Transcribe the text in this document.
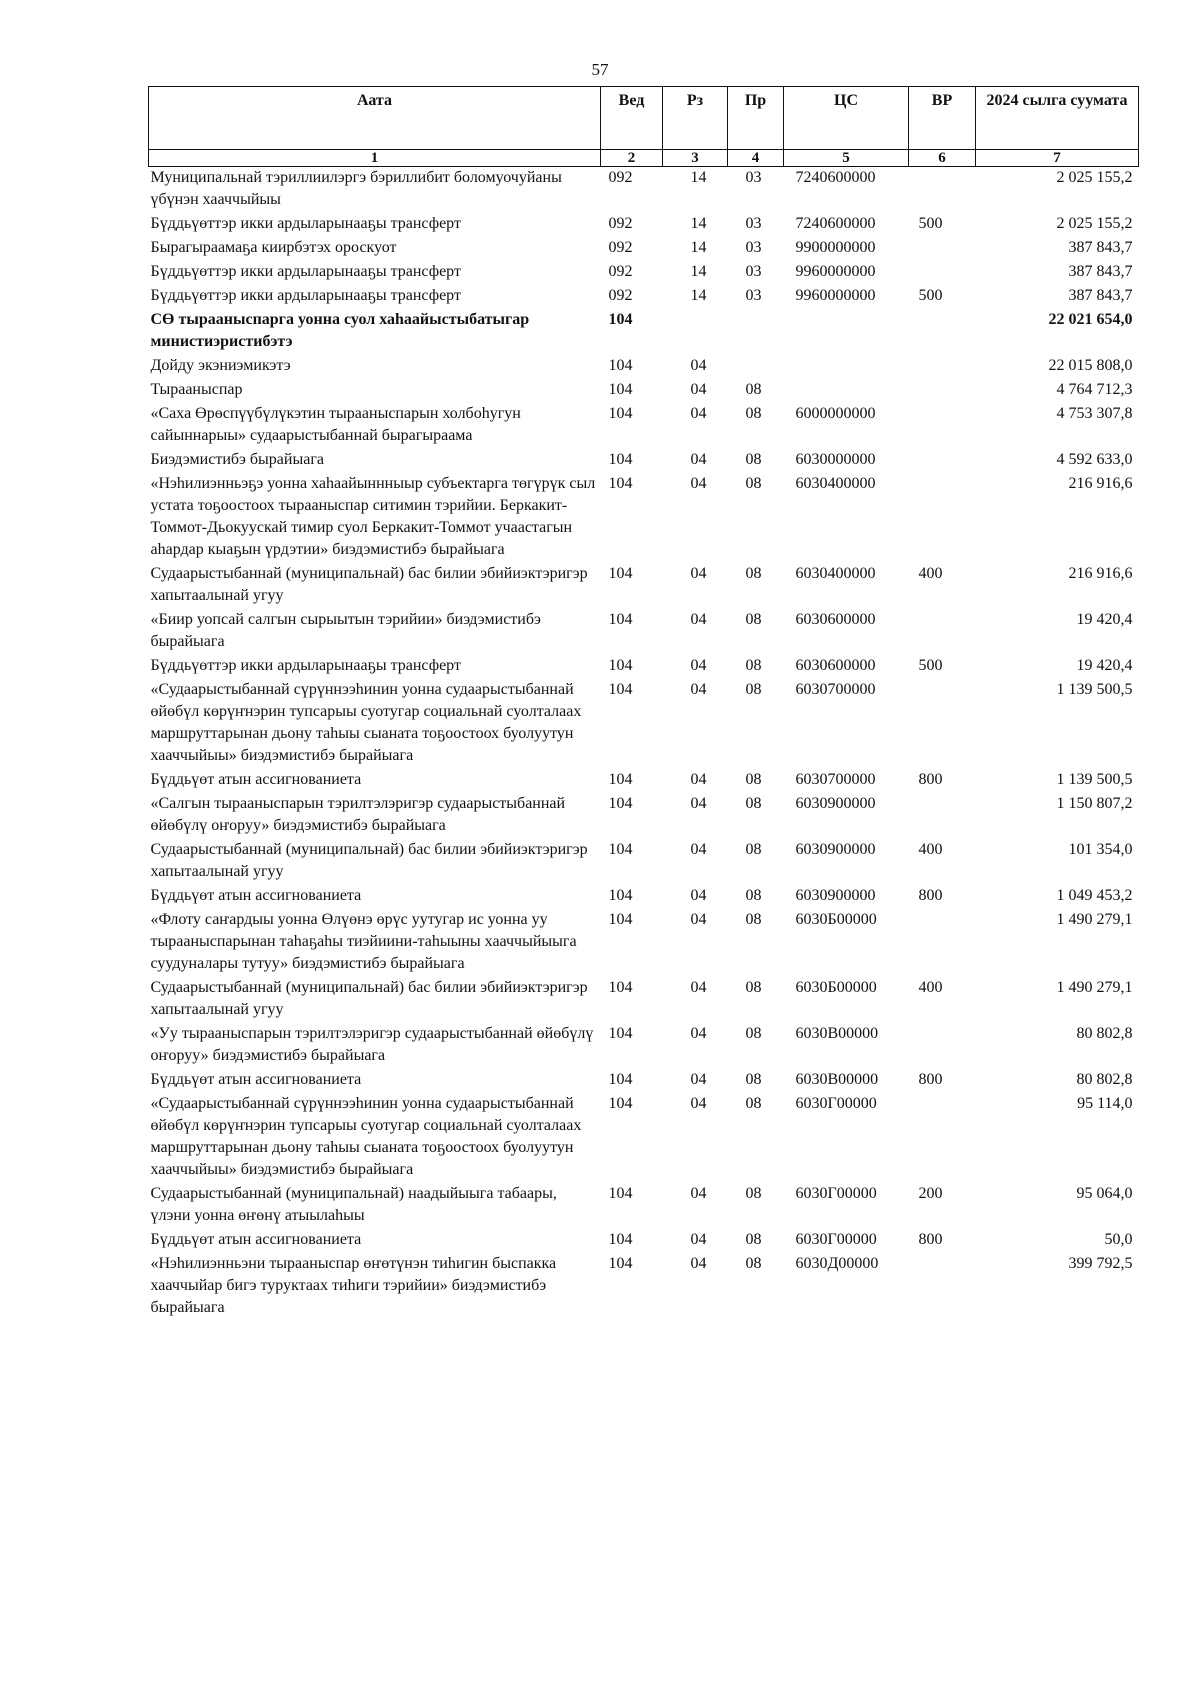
57
Аата	Вед	Рз	Пр	ЦС	ВР	2024 сылга суумата
1	2	3	4	5	6	7
Муниципальнай тэриллиилэргэ бэриллибит боломуочуйаны үбүнэн хааччыйыы	092	14	03	7240600000		2 025 155,2
Бүддьүөттэр икки ардыларынааҕы трансферт	092	14	03	7240600000	500	2 025 155,2
Бырагыраамаҕа киирбэтэх ороскуот	092	14	03	9900000000		387 843,7
Бүддьүөттэр икки ардыларынааҕы трансферт	092	14	03	9960000000		387 843,7
Бүддьүөттэр икки ардыларынааҕы трансферт	092	14	03	9960000000	500	387 843,7
СӨ тырааныспарга уонна суол хаһаайыстыбатыгар министиэристибэтэ	104					22 021 654,0
Дойду экэниэмикэтэ	104	04				22 015 808,0
Тырааныспар	104	04	08			4 764 712,3
«Саха Өрөспүүбүлүкэтин тырааныспарын холбоһугун сайыннарыы» судаарыстыбаннай бырагыраама	104	04	08	6000000000		4 753 307,8
Биэдэмистибэ бырайыага	104	04	08	6030000000		4 592 633,0
«Нэһилиэнньэҕэ уонна хаһаайыннныыр субъектарга төгүрүк сыл устата тоҕоостоох тырааныспар ситимин тэрийии. Беркакит-Томмот-Дьокуускай тимир суол Беркакит-Томмот учаастагын аһардар кыаҕын үрдэтии» биэдэмистибэ бырайыага	104	04	08	6030400000		216 916,6
Судаарыстыбаннай (муниципальнай) бас билии эбийиэктэригэр хапытаалынай угуу	104	04	08	6030400000	400	216 916,6
«Биир уопсай салгын сырыытын тэрийии» биэдэмистибэ бырайыага	104	04	08	6030600000		19 420,4
Бүддьүөттэр икки ардыларынааҕы трансферт	104	04	08	6030600000	500	19 420,4
«Судаарыстыбаннай сүрүннээһинин уонна судаарыстыбаннай өйөбүл көрүҥнэрин тупсарыы суотугар социальнай суолталаах маршруттарынан дьону таһыы сыаната тоҕоостоох буолуутун хааччыйыы» биэдэмистибэ бырайыага	104	04	08	6030700000		1 139 500,5
Бүддьүөт атын ассигнованиета	104	04	08	6030700000	800	1 139 500,5
«Салгын тырааныспарын тэрилтэлэригэр судаарыстыбаннай өйөбүлү оҥоруу» биэдэмистибэ бырайыага	104	04	08	6030900000		1 150 807,2
Судаарыстыбаннай (муниципальнай) бас билии эбийиэктэригэр хапытаалынай угуу	104	04	08	6030900000	400	101 354,0
Бүддьүөт атын ассигнованиета	104	04	08	6030900000	800	1 049 453,2
«Флоту саҥардыы уонна Өлүөнэ өрүс уутугар ис уонна уу тырааныспарынан таһаҕаһы тиэйиини-таһыыны хааччыйыыга суудуналары тутуу» биэдэмистибэ бырайыага	104	04	08	6030Б00000		1 490 279,1
Судаарыстыбаннай (муниципальнай) бас билии эбийиэктэригэр хапытаалынай угуу	104	04	08	6030Б00000	400	1 490 279,1
«Уу тырааныспарын тэрилтэлэригэр судаарыстыбаннай өйөбүлү оҥоруу» биэдэмистибэ бырайыага	104	04	08	6030В00000		80 802,8
Бүддьүөт атын ассигнованиета	104	04	08	6030В00000	800	80 802,8
«Судаарыстыбаннай сүрүннээһинин уонна судаарыстыбаннай өйөбүл көрүҥнэрин тупсарыы суотугар социальнай суолталаах маршруттарынан дьону таһыы сыаната тоҕоостоох буолуутун хааччыйыы» биэдэмистибэ бырайыага	104	04	08	6030Г00000		95 114,0
Судаарыстыбаннай (муниципальнай) наадыйыыга табаары, үлэни уонна өҥөнү атыылаһыы	104	04	08	6030Г00000	200	95 064,0
Бүддьүөт атын ассигнованиета	104	04	08	6030Г00000	800	50,0
«Нэһилиэнньэни тырааныспар өҥөтүнэн тиһигин быспакка хааччыйар бигэ туруктаах тиһиги тэрийии» биэдэмистибэ бырайыага	104	04	08	6030Д00000		399 792,5
